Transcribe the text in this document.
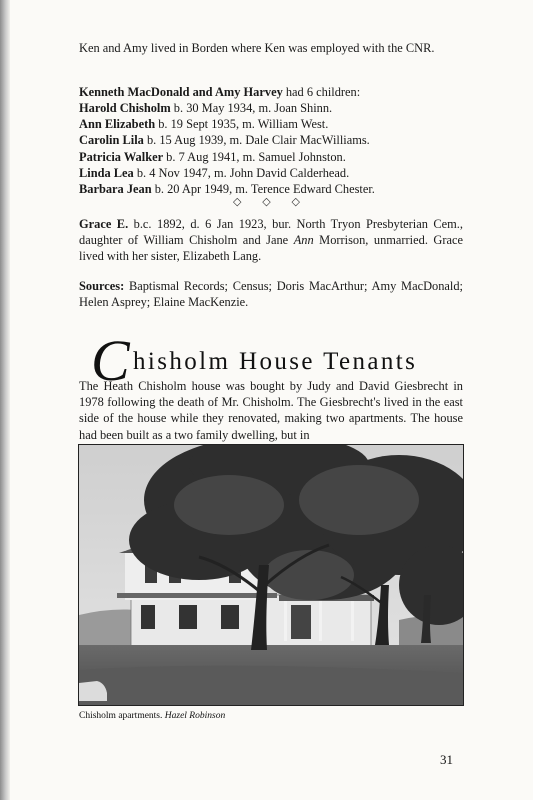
Ken and Amy lived in Borden where Ken was employed with the CNR.

Kenneth MacDonald and Amy Harvey had 6 children:

Harold Chisholm b. 30 May 1934, m. Joan Shinn.
Ann Elizabeth b. 19 Sept 1935, m. William West.
Carolin Lila b. 15 Aug 1939, m. Dale Clair MacWilliams.
Patricia Walker b. 7 Aug 1941, m. Samuel Johnston.
Linda Lea b. 4 Nov 1947, m. John David Calderhead.
Barbara Jean b. 20 Apr 1949, m. Terence Edward Chester.
◇ ◇ ◇

Grace E. b.c. 1892, d. 6 Jan 1923, bur. North Tryon Presbyterian Cem., daughter of William Chisholm and Jane Ann Morrison, unmarried. Grace lived with her sister, Elizabeth Lang.

Sources: Baptismal Records; Census; Doris MacArthur; Amy MacDonald; Helen Asprey; Elaine MacKenzie.

C hisholm House Tenants

The Heath Chisholm house was bought by Judy and David Giesbrecht in 1978 following the death of Mr. Chisholm. The Giesbrecht's lived in the east side of the house while they renovated, making two apartments. The house had been built as a two family dwelling, but in

Chisholm apartments. Hazel Robinson
31
